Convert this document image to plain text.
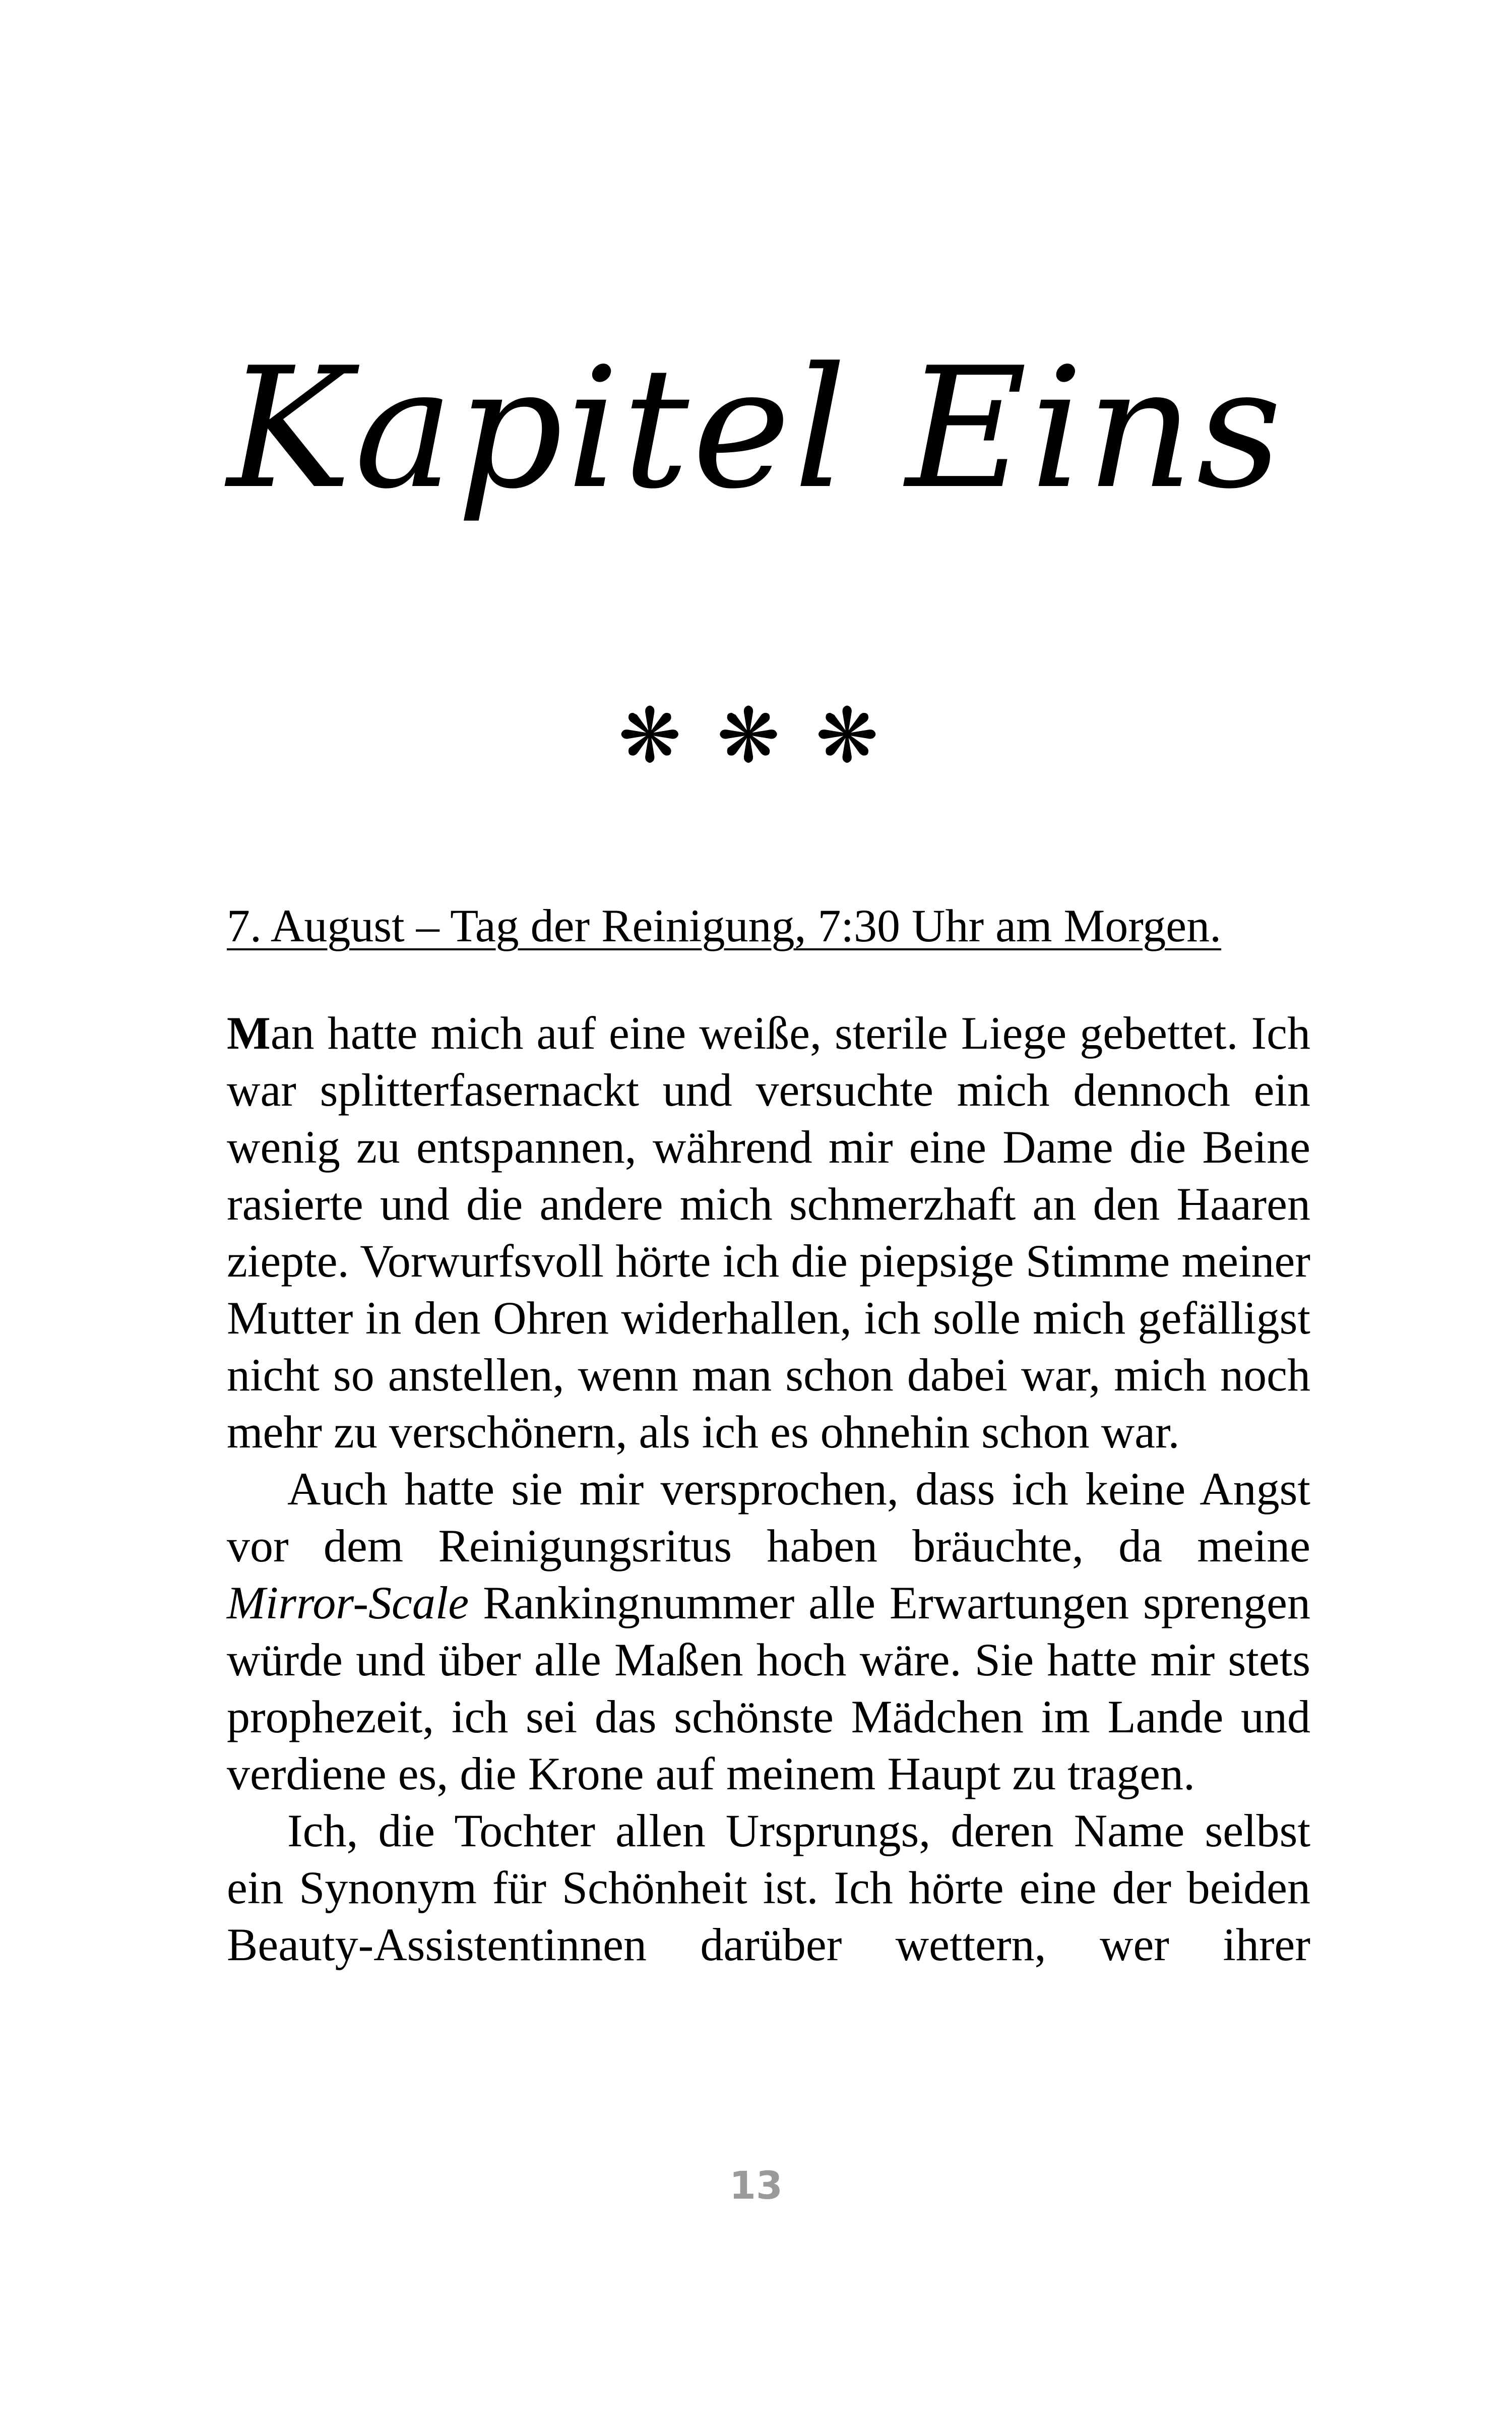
Kapitel Eins
❋ ❋ ❋
7. August – Tag der Reinigung, 7:30 Uhr am Morgen.

Man hatte mich auf eine weiße, sterile Liege gebettet. Ich war splitterfasernackt und versuchte mich dennoch ein wenig zu entspannen, während mir eine Dame die Beine rasierte und die andere mich schmerzhaft an den Haaren ziepte. Vorwurfsvoll hörte ich die piepsige Stimme meiner Mutter in den Ohren widerhallen, ich solle mich gefälligst nicht so anstellen, wenn man schon dabei war, mich noch mehr zu verschönern, als ich es ohnehin schon war.

Auch hatte sie mir versprochen, dass ich keine Angst vor dem Reinigungsritus haben bräuchte, da meine Mirror-Scale Rankingnummer alle Erwartungen sprengen würde und über alle Maßen hoch wäre. Sie hatte mir stets prophezeit, ich sei das schönste Mädchen im Lande und verdiene es, die Krone auf meinem Haupt zu tragen.

Ich, die Tochter allen Ursprungs, deren Name selbst ein Synonym für Schönheit ist. Ich hörte eine der beiden Beauty-Assistentinnen darüber wettern, wer ihrer

13
